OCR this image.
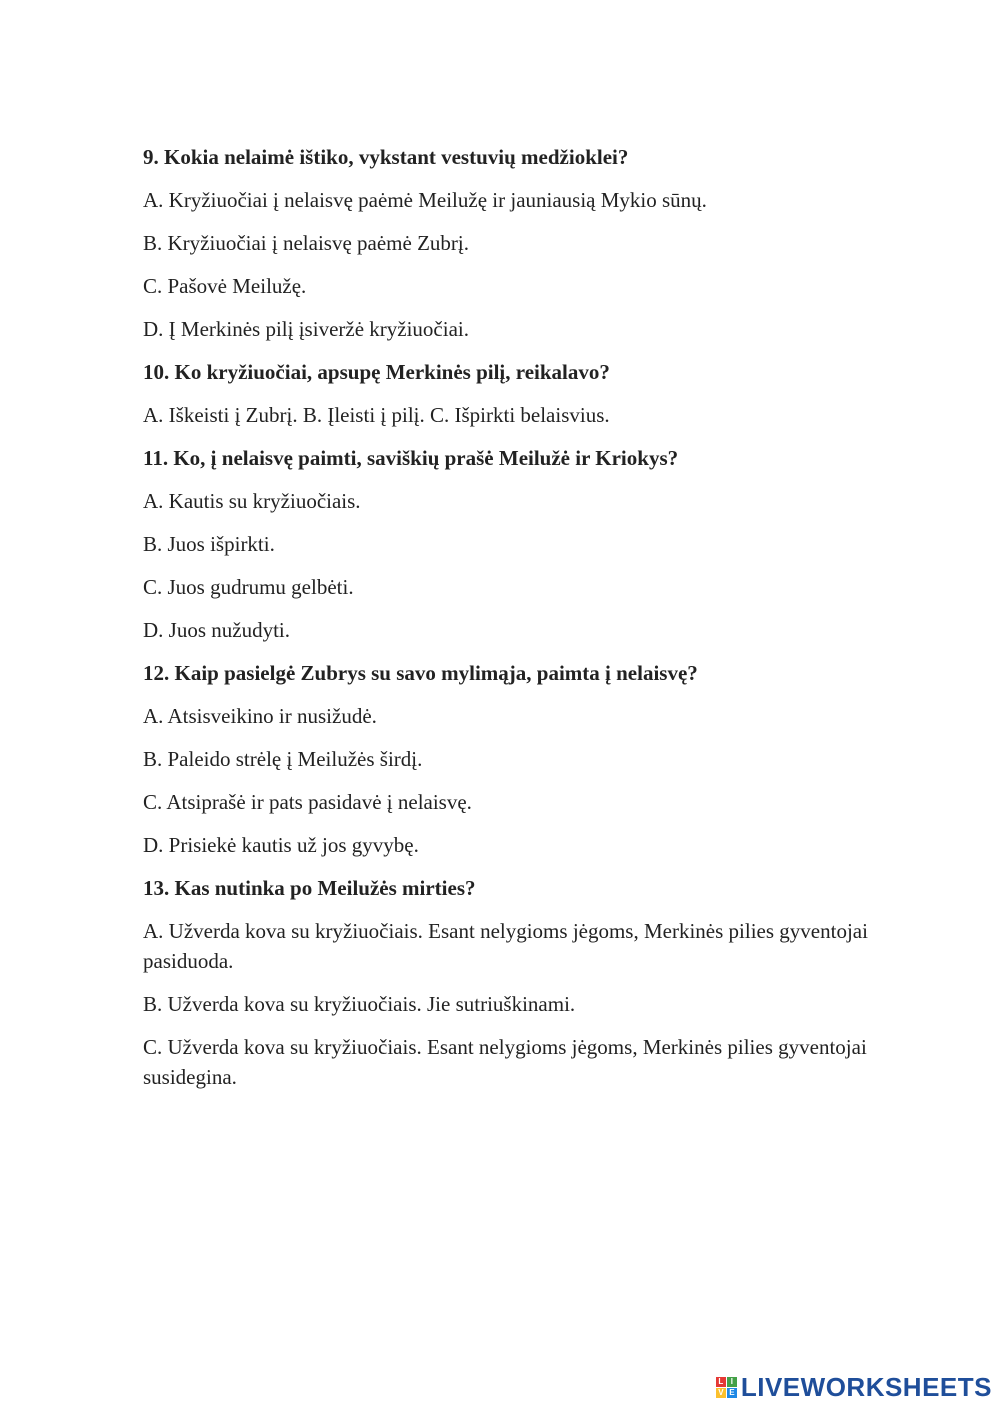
9. Kokia nelaimė ištiko, vykstant vestuvių medžioklei?

A. Kryžiuočiai į nelaisvę paėmė Meilužę ir jauniausią Mykio sūnų.

B. Kryžiuočiai į nelaisvę paėmė Zubrį.

C. Pašovė Meilužę.

D. Į Merkinės pilį įsiveržė kryžiuočiai.

10. Ko kryžiuočiai, apsupę Merkinės pilį, reikalavo?

A. Iškeisti į Zubrį. B. Įleisti į pilį. C. Išpirkti belaisvius.

11. Ko, į nelaisvę paimti, saviškių prašė Meilužė ir Kriokys?

A. Kautis su kryžiuočiais.

B. Juos išpirkti.

C. Juos gudrumu gelbėti.

D. Juos nužudyti.

12. Kaip pasielgė Zubrys su savo mylimąja, paimta į nelaisvę?

A. Atsisveikino ir nusižudė.

B. Paleido strėlę į Meilužės širdį.

C. Atsiprašė ir pats pasidavė į nelaisvę.

D. Prisiekė kautis už jos gyvybę.

13. Kas nutinka po Meilužės mirties?

A. Užverda kova su kryžiuočiais. Esant nelygioms jėgoms, Merkinės pilies gyventojai pasiduoda.

B. Užverda kova su kryžiuočiais. Jie sutriuškinami.

C. Užverda kova su kryžiuočiais. Esant nelygioms jėgoms, Merkinės pilies gyventojai susidegina.

L I
V E LIVEWORKSHEETS
